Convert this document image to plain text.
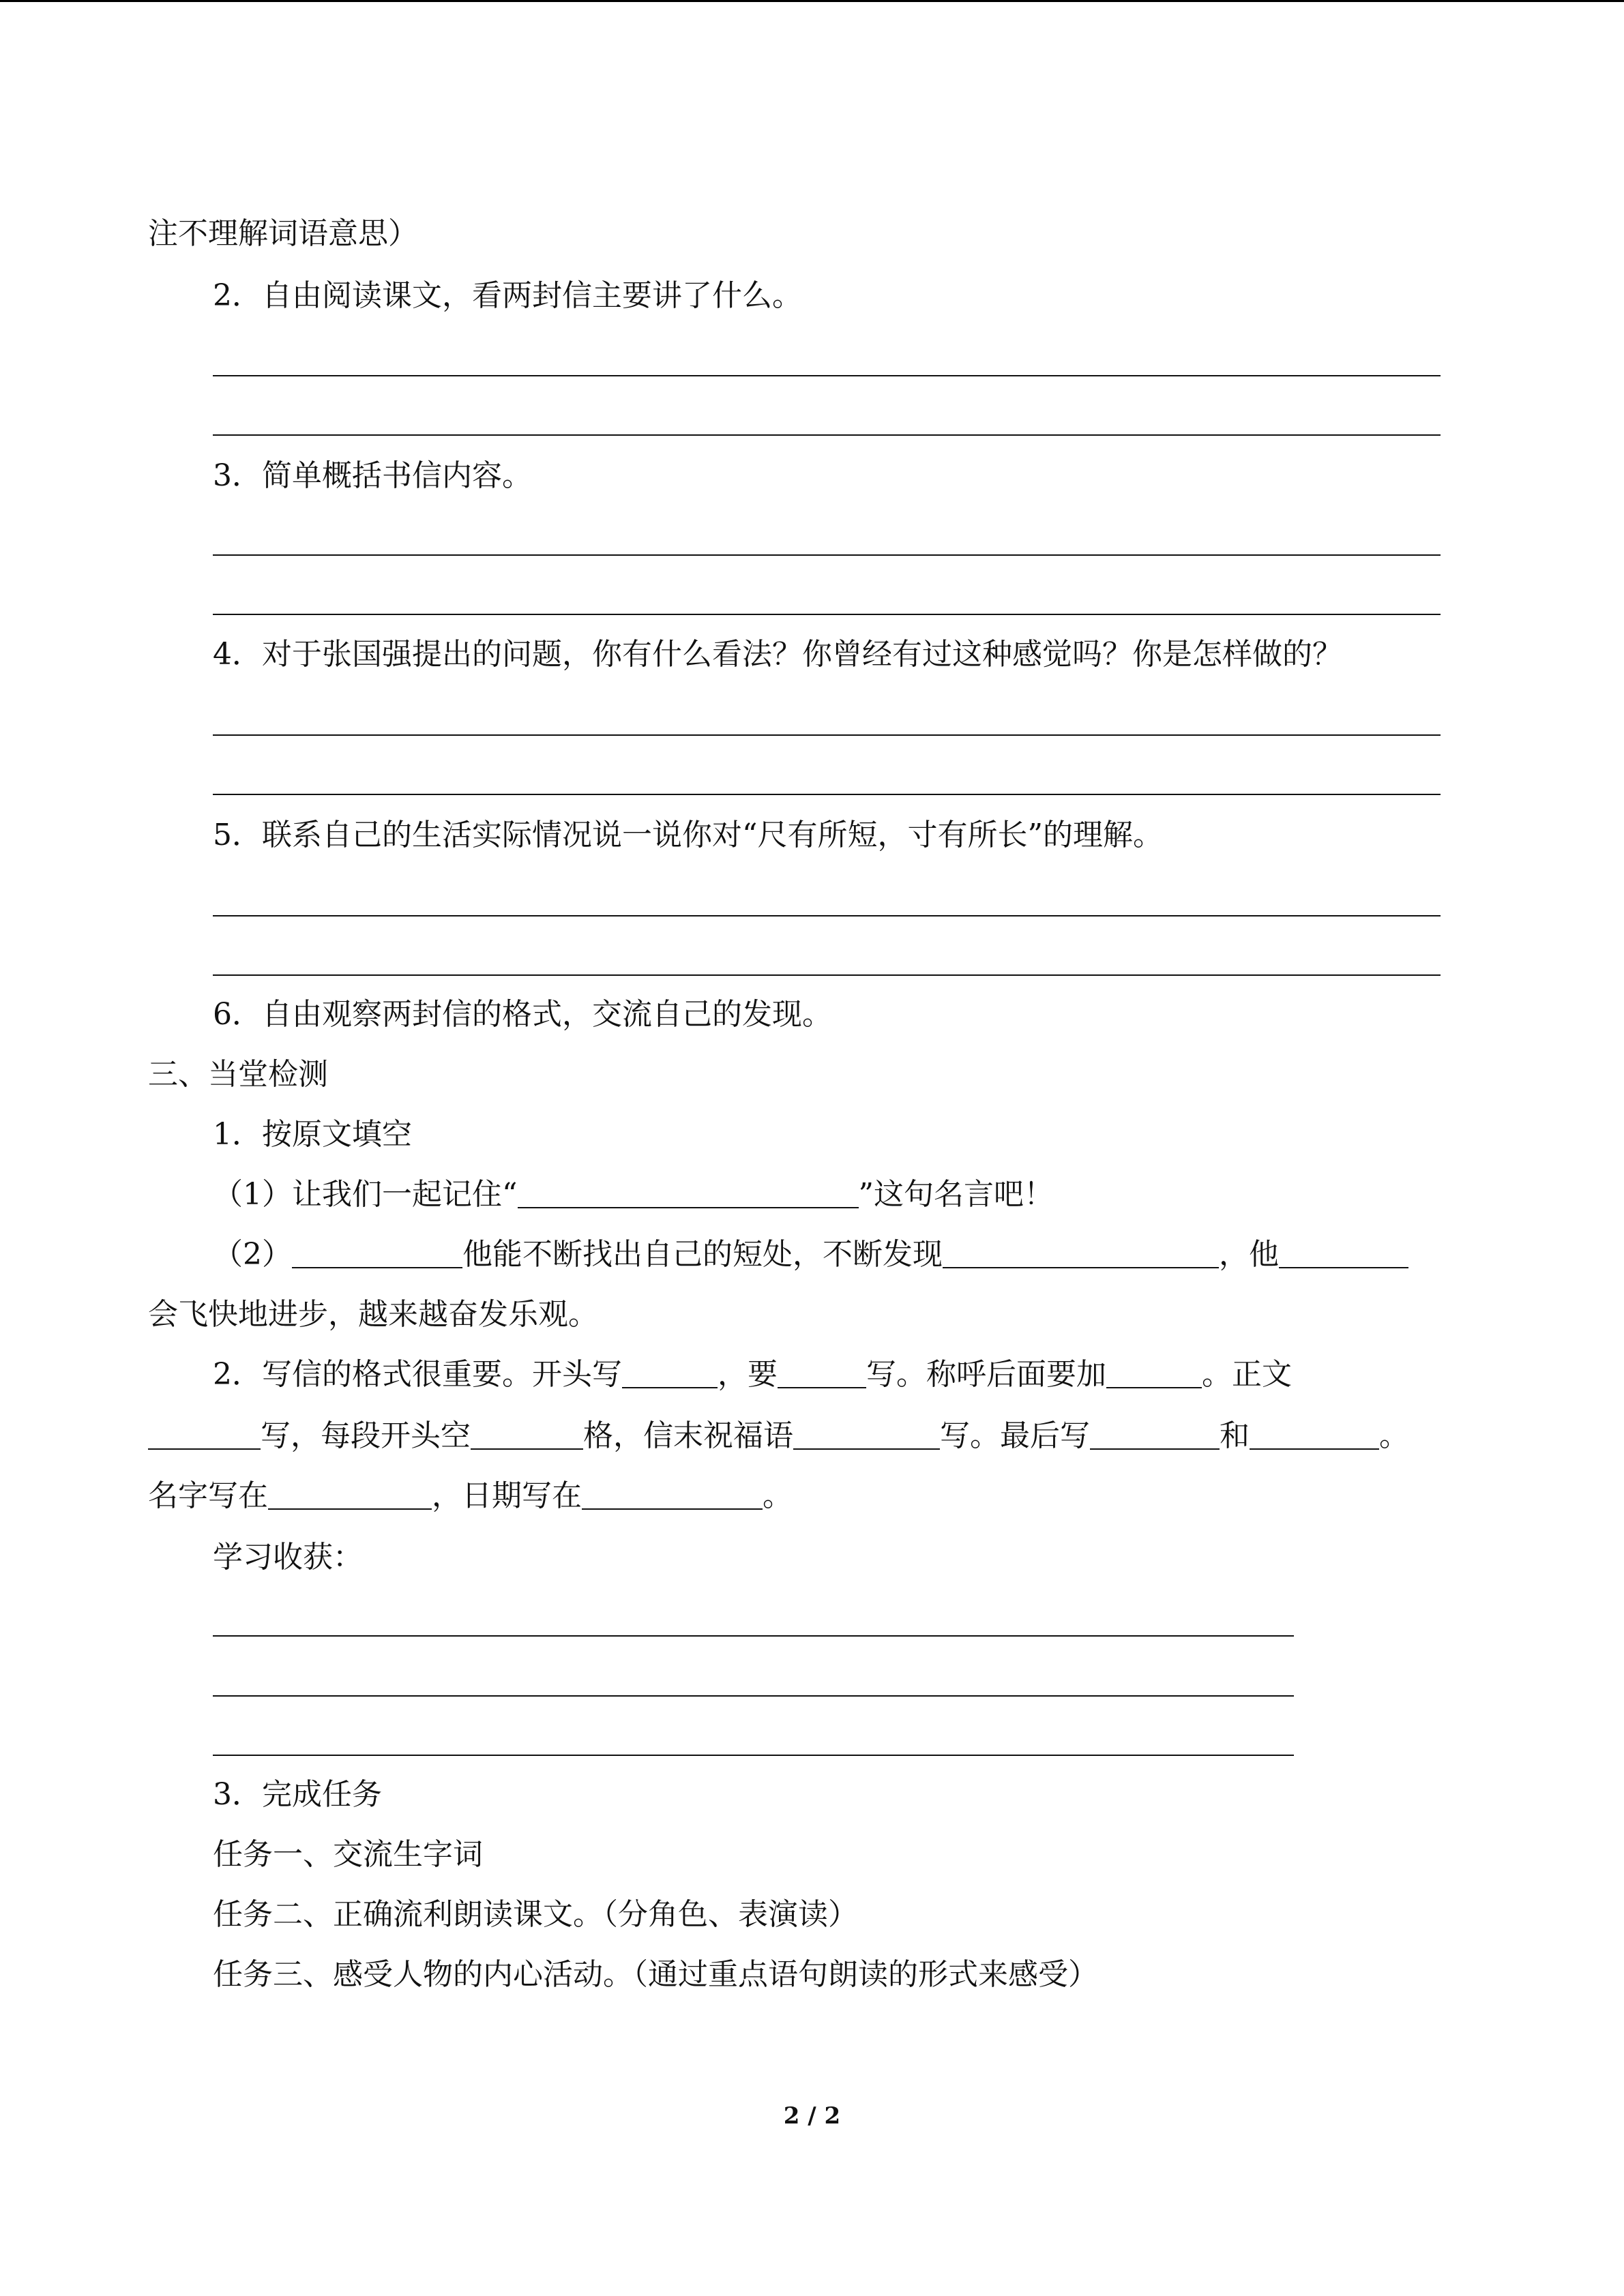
注不理解词语意思）
2．自由阅读课文，看两封信主要讲了什么。
3．简单概括书信内容。
4．对于张国强提出的问题，你有什么看法？你曾经有过这种感觉吗？你是怎样做的？
5．联系自己的生活实际情况说一说你对“尺有所短，寸有所长”的理解。
6．自由观察两封信的格式，交流自己的发现。
三、当堂检测
1．按原文填空
（1）让我们一起记住“	”这句名言吧！
（2）	他能不断找出自己的短处，不断发现	，他
会飞快地进步，越来越奋发乐观。
2．写信的格式很重要。开头写	，要	写。称呼后面要加	。正文
写，每段开头空	格，信末祝福语	写。最后写	和	。
名字写在	，日期写在	。
学习收获：
3．完成任务
任务一、交流生字词
任务二、正确流利朗读课文。（分角色、表演读）
任务三、感受人物的内心活动。（通过重点语句朗读的形式来感受）
2 / 2
